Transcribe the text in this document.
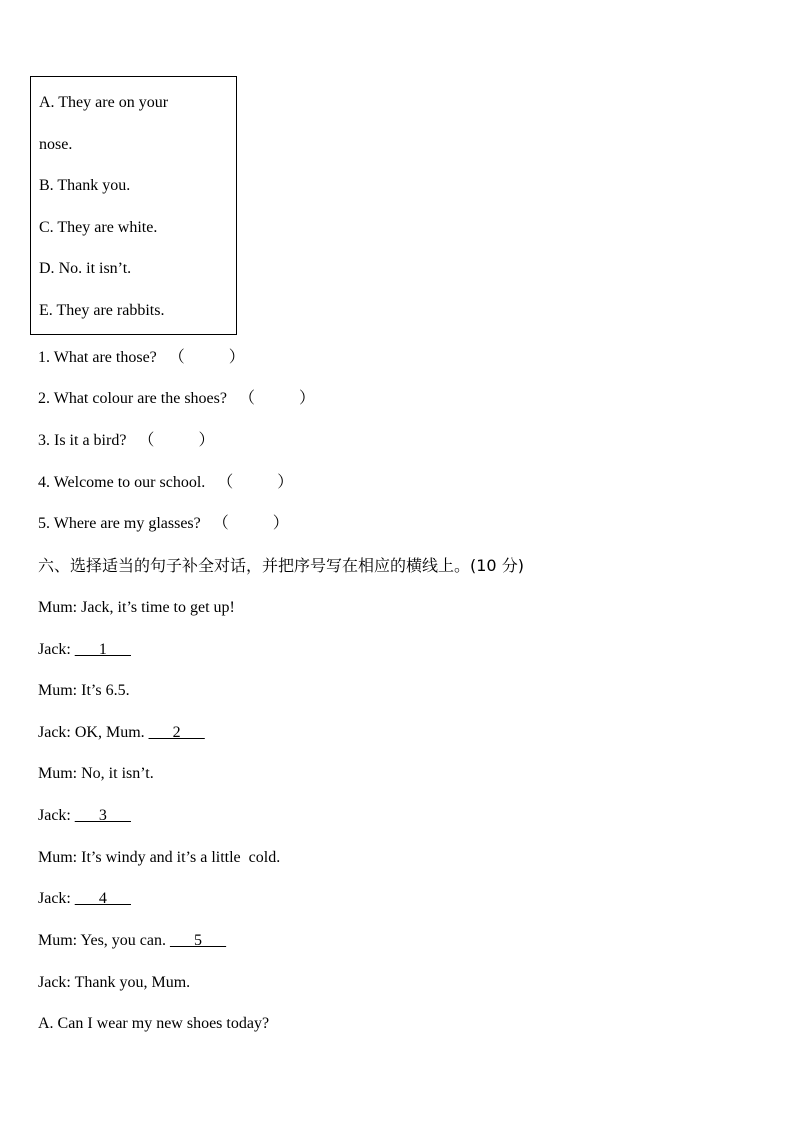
A. They are on your
nose.
B. Thank you.
C. They are white.
D. No. it isn’t.
E. They are rabbits.
1. What are those? （	）
2. What colour are the shoes? （	）
3. Is it a bird? （	）
4. Welcome to our school. （	）
5. Where are my glasses? （	）
六、选择适当的句子补全对话，并把序号写在相应的横线上。(10 分)
Mum: Jack, it’s time to get up!
Jack: ___1___
Mum: It’s 6.5.
Jack: OK, Mum. ___2___
Mum: No, it isn’t.
Jack: ___3___
Mum: It’s windy and it’s a little  cold.
Jack: ___4___
Mum: Yes, you can. ___5___
Jack: Thank you, Mum.
A. Can I wear my new shoes today?
